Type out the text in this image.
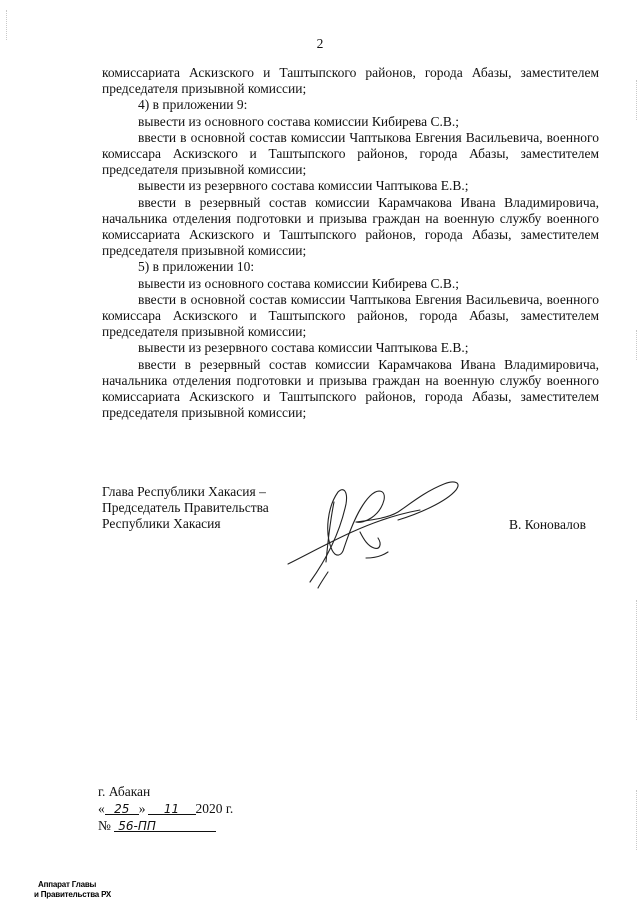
2

комиссариата Аскизского и Таштыпского районов, города Абазы, заместителем председателя призывной комиссии;

4) в приложении 9:

вывести из основного состава комиссии Кибирева С.В.;

ввести в основной состав комиссии Чаптыкова Евгения Васильевича, военного комиссара Аскизского и Таштыпского районов, города Абазы, заместителем председателя призывной комиссии;

вывести из резервного состава комиссии Чаптыкова Е.В.;

ввести в резервный состав комиссии Карамчакова Ивана Владимировича, начальника отделения подготовки и призыва граждан на военную службу военного комиссариата Аскизского и Таштыпского районов, города Абазы, заместителем председателя призывной комиссии;

5) в приложении 10:

вывести из основного состава комиссии Кибирева С.В.;

ввести в основной состав комиссии Чаптыкова Евгения Васильевича, военного комиссара Аскизского и Таштыпского районов, города Абазы, заместителем председателя призывной комиссии;

вывести из резервного состава комиссии Чаптыкова Е.В.;

ввести в резервный состав комиссии Карамчакова Ивана Владимировича, начальника отделения подготовки и призыва граждан на военную службу военного комиссариата Аскизского и Таштыпского районов, города Абазы, заместителем председателя призывной комиссии;

Глава Республики Хакасия –
Председатель Правительства
Республики Хакасия	В. Коновалов
г. Абакан
« 25 » 11 2020 г.
№ 56-ПП
Аппарат Главы
и Правительства РХ
